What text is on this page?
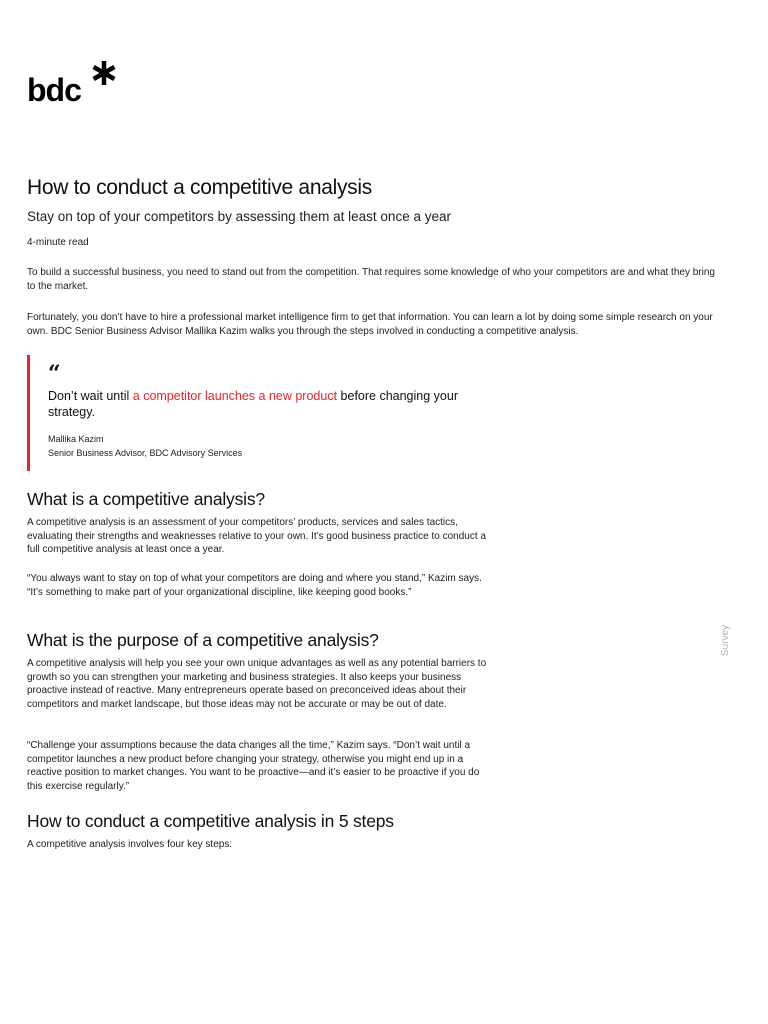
bdc
How to conduct a competitive analysis

Stay on top of your competitors by assessing them at least once a year

4-minute read

To build a successful business, you need to stand out from the competition. That requires some knowledge of who your competitors are and what they bring to the market.

Fortunately, you don’t have to hire a professional market intelligence firm to get that information. You can learn a lot by doing some simple research on your own. BDC Senior Business Advisor Mallika Kazim walks you through the steps involved in conducting a competitive analysis.

“

Don’t wait until a competitor launches a new product before changing your strategy.

Mallika Kazim

Senior Business Advisor, BDC Advisory Services

What is a competitive analysis?

A competitive analysis is an assessment of your competitors’ products, services and sales tactics, evaluating their strengths and weaknesses relative to your own. It’s good business practice to conduct a full competitive analysis at least once a year.

“You always want to stay on top of what your competitors are doing and where you stand,” Kazim says. “It’s something to make part of your organizational discipline, like keeping good books.”

What is the purpose of a competitive analysis?

A competitive analysis will help you see your own unique advantages as well as any potential barriers to growth so you can strengthen your marketing and business strategies. It also keeps your business proactive instead of reactive. Many entrepreneurs operate based on preconceived ideas about their competitors and market landscape, but those ideas may not be accurate or may be out of date.

“Challenge your assumptions because the data changes all the time,” Kazim says. “Don’t wait until a competitor launches a new product before changing your strategy, otherwise you might end up in a reactive position to market changes. You want to be proactive—and it’s easier to be proactive if you do this exercise regularly.”

How to conduct a competitive analysis in 5 steps

A competitive analysis involves four key steps:

Survey
